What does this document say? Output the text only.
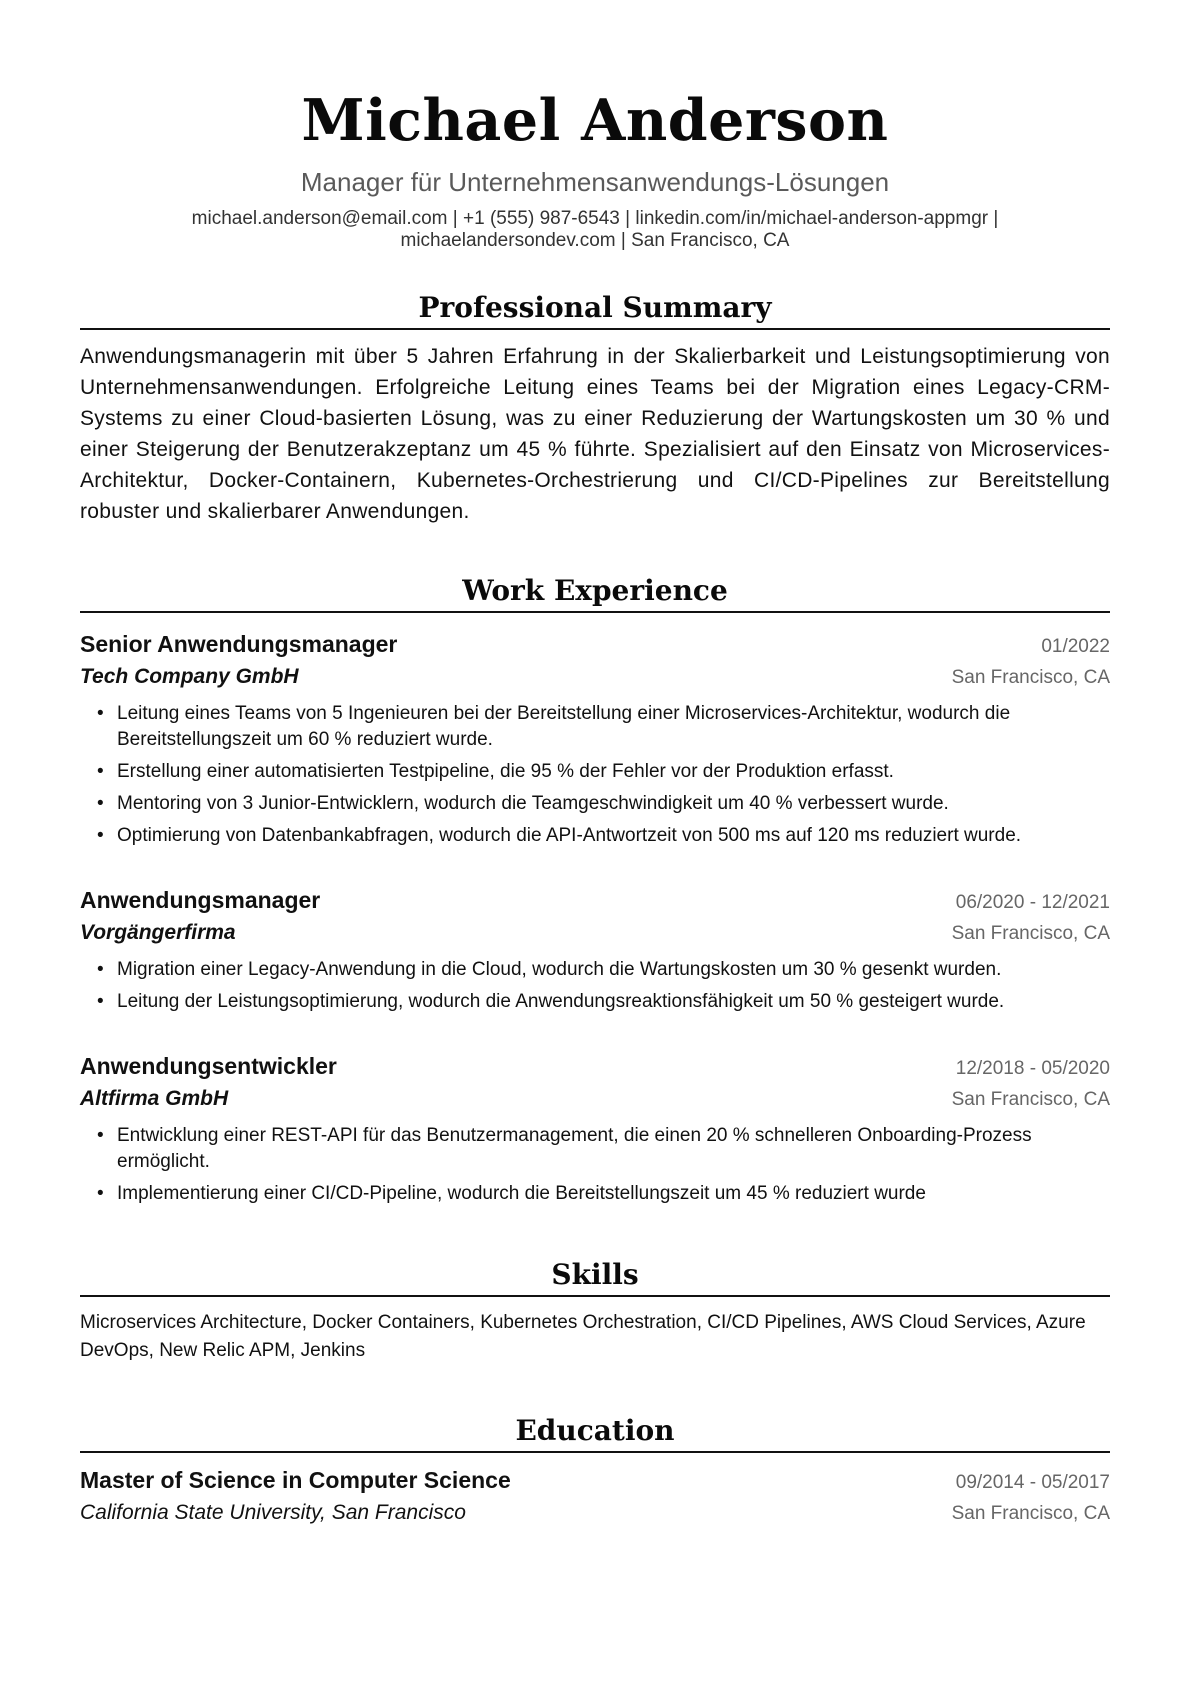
Michael Anderson
Manager für Unternehmensanwendungs-Lösungen
michael.anderson@email.com | +1 (555) 987-6543 | linkedin.com/in/michael-anderson-appmgr |
michaelandersondev.com | San Francisco, CA
Professional Summary

Anwendungsmanagerin mit über 5 Jahren Erfahrung in der Skalierbarkeit und Leistungsoptimierung von Unternehmensanwendungen. Erfolgreiche Leitung eines Teams bei der Migration eines Legacy-CRM-Systems zu einer Cloud-basierten Lösung, was zu einer Reduzierung der Wartungskosten um 30 % und einer Steigerung der Benutzerakzeptanz um 45 % führte. Spezialisiert auf den Einsatz von Microservices-Architektur, Docker-Containern, Kubernetes-Orchestrierung und CI/CD-Pipelines zur Bereitstellung robuster und skalierbarer Anwendungen.

Work Experience
Senior Anwendungsmanager	01/2022
Tech Company GmbH	San Francisco, CA
• Leitung eines Teams von 5 Ingenieuren bei der Bereitstellung einer Microservices-Architektur, wodurch die Bereitstellungszeit um 60 % reduziert wurde.
• Erstellung einer automatisierten Testpipeline, die 95 % der Fehler vor der Produktion erfasst.
• Mentoring von 3 Junior-Entwicklern, wodurch die Teamgeschwindigkeit um 40 % verbessert wurde.
• Optimierung von Datenbankabfragen, wodurch die API-Antwortzeit von 500 ms auf 120 ms reduziert wurde.
Anwendungsmanager	06/2020 - 12/2021
Vorgängerfirma	San Francisco, CA
• Migration einer Legacy-Anwendung in die Cloud, wodurch die Wartungskosten um 30 % gesenkt wurden.
• Leitung der Leistungsoptimierung, wodurch die Anwendungsreaktionsfähigkeit um 50 % gesteigert wurde.
Anwendungsentwickler	12/2018 - 05/2020
Altfirma GmbH	San Francisco, CA
• Entwicklung einer REST-API für das Benutzermanagement, die einen 20 % schnelleren Onboarding-Prozess ermöglicht.
• Implementierung einer CI/CD-Pipeline, wodurch die Bereitstellungszeit um 45 % reduziert wurde
Skills

Microservices Architecture, Docker Containers, Kubernetes Orchestration, CI/CD Pipelines, AWS Cloud Services, Azure DevOps, New Relic APM, Jenkins

Education
Master of Science in Computer Science	09/2014 - 05/2017
California State University, San Francisco	San Francisco, CA
